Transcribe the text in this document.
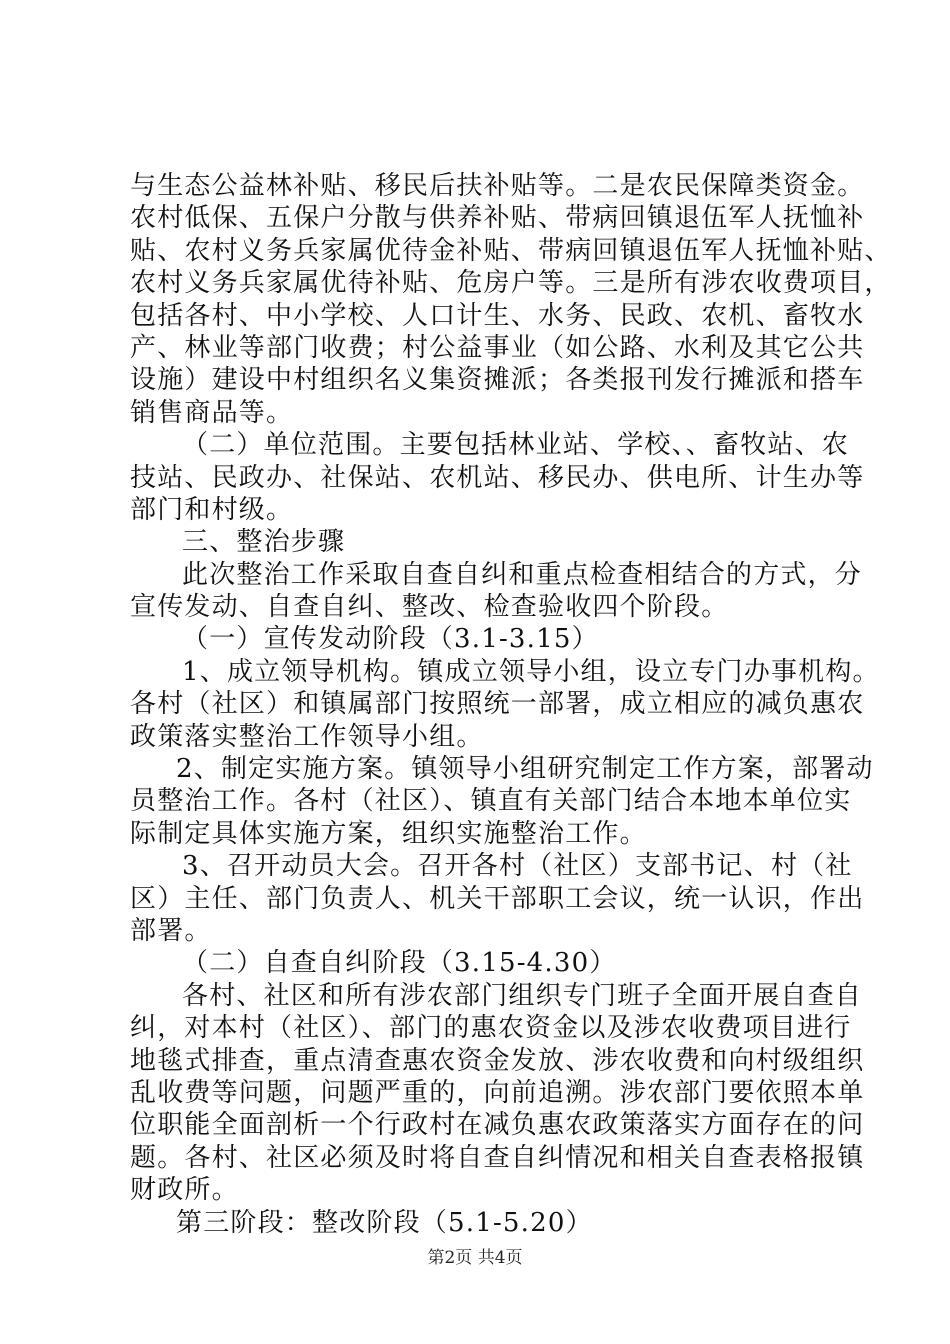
与生态公益林补贴、移民后扶补贴等。二是农民保障类资金。
农村低保、五保户分散与供养补贴、带病回镇退伍军人抚恤补
贴、农村义务兵家属优待金补贴、带病回镇退伍军人抚恤补贴、
农村义务兵家属优待补贴、危房户等。三是所有涉农收费项目，
包括各村、中小学校、人口计生、水务、民政、农机、畜牧水
产、林业等部门收费；村公益事业（如公路、水利及其它公共
设施）建设中村组织名义集资摊派；各类报刊发行摊派和搭车
销售商品等。
（二）单位范围。主要包括林业站、学校、、畜牧站、农
技站、民政办、社保站、农机站、移民办、供电所、计生办等
部门和村级。
三、整治步骤
此次整治工作采取自查自纠和重点检查相结合的方式，分
宣传发动、自查自纠、整改、检查验收四个阶段。
（一）宣传发动阶段（3.1-3.15）
1、成立领导机构。镇成立领导小组，设立专门办事机构。
各村（社区）和镇属部门按照统一部署，成立相应的减负惠农
政策落实整治工作领导小组。
2、制定实施方案。镇领导小组研究制定工作方案，部署动
员整治工作。各村（社区）、镇直有关部门结合本地本单位实
际制定具体实施方案，组织实施整治工作。
3、召开动员大会。召开各村（社区）支部书记、村（社
区）主任、部门负责人、机关干部职工会议，统一认识，作出
部署。
（二）自查自纠阶段（3.15-4.30）
各村、社区和所有涉农部门组织专门班子全面开展自查自
纠，对本村（社区）、部门的惠农资金以及涉农收费项目进行
地毯式排查，重点清查惠农资金发放、涉农收费和向村级组织
乱收费等问题，问题严重的，向前追溯。涉农部门要依照本单
位职能全面剖析一个行政村在减负惠农政策落实方面存在的问
题。各村、社区必须及时将自查自纠情况和相关自查表格报镇
财政所。
第三阶段：整改阶段（5.1-5.20）
第2页 共4页
